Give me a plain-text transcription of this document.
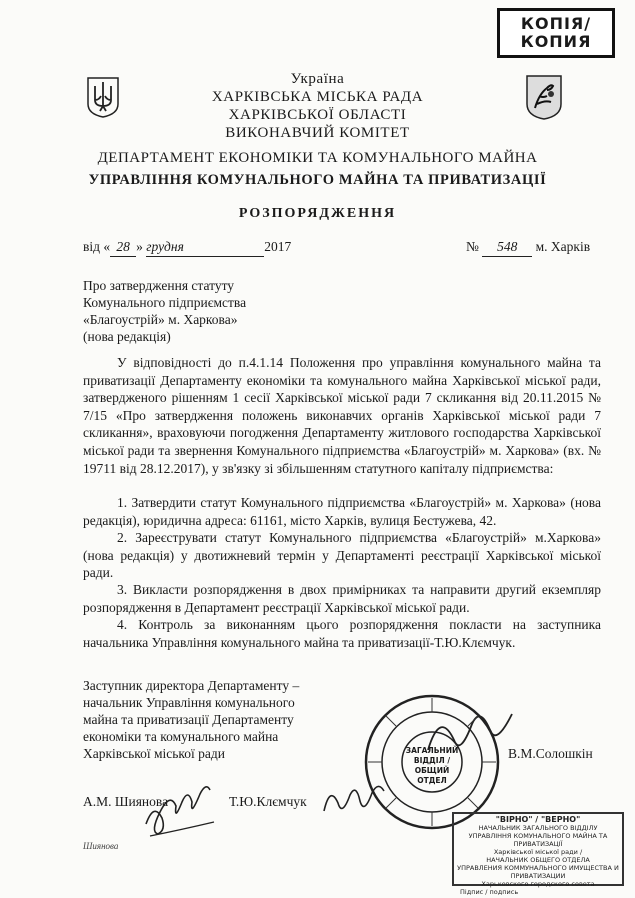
КОПІЯ/
КОПИЯ
Україна
ХАРКІВСЬКА МІСЬКА РАДА
ХАРКІВСЬКОЇ ОБЛАСТІ
ВИКОНАВЧИЙ КОМІТЕТ
ДЕПАРТАМЕНТ ЕКОНОМІКИ ТА КОМУНАЛЬНОГО МАЙНА
УПРАВЛІННЯ КОМУНАЛЬНОГО МАЙНА ТА ПРИВАТИЗАЦІЇ
РОЗПОРЯДЖЕННЯ
від « 28 » грудня	2017	№ 548 м. Харків
Про затвердження статуту
Комунального підприємства
«Благоустрій» м. Харкова»
(нова редакція)
У відповідності до п.4.1.14 Положення про управління комунального майна та приватизації Департаменту економіки та комунального майна Харківської міської ради, затвердженого рішенням 1 сесії Харківської міської ради 7 скликання від 20.11.2015 № 7/15 «Про затвердження положень виконавчих органів Харківської міської ради 7 скликання», враховуючи погодження Департаменту житлового господарства Харківської міської ради та звернення Комунального підприємства «Благоустрій» м. Харкова» (вх. № 19711 від 28.12.2017), у зв'язку зі збільшенням статутного капіталу підприємства:
1. Затвердити статут Комунального підприємства «Благоустрій» м. Харкова» (нова редакція), юридична адреса: 61161, місто Харків, вулиця Бестужева, 42.
2. Зареєструвати статут Комунального підприємства «Благоустрій» м.Харкова» (нова редакція) у двотижневий термін у Департаменті реєстрації Харківської міської ради.
3. Викласти розпорядження в двох примірниках та направити другий екземпляр розпорядження в Департамент реєстрації Харківської міської ради.
4. Контроль за виконанням цього розпорядження покласти на заступника начальника Управління комунального майна та приватизації-Т.Ю.Клємчук.
Заступник директора Департаменту –
начальник Управління комунального
майна та приватизації Департаменту
економіки та комунального майна
Харківської міської ради	В.М.Солошкін
А.М. Шиянова	Т.Ю.Клємчук
ЗАГАЛЬНИЙ
ВІДДІЛ /
ОБЩИЙ ОТДЕЛ
"ВІРНО" / "ВЕРНО"
НАЧАЛЬНИК ЗАГАЛЬНОГО ВІДДІЛУ
УПРАВЛІННЯ КОМУНАЛЬНОГО МАЙНА ТА ПРИВАТИЗАЦІЇ
Харківської міської ради /
НАЧАЛЬНИК ОБЩЕГО ОТДЕЛА
УПРАВЛЕНИЯ КОММУНАЛЬНОГО ИМУЩЕСТВА И ПРИВАТИЗАЦИИ
Харьковского городского совета
Підпис / подпись
Шиянова
